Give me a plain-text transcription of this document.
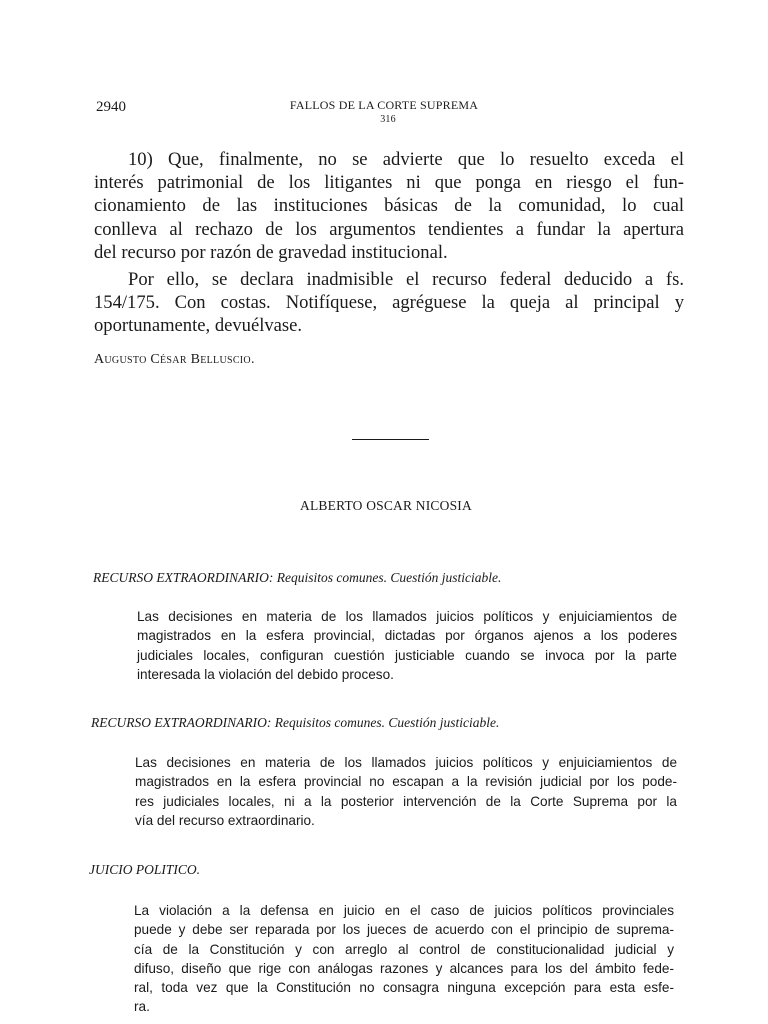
2940	FALLOS DE LA CORTE SUPREMA
316

10) Que, finalmente, no se advierte que lo resuelto exceda el
interés patrimonial de los litigantes ni que ponga en riesgo el fun-
cionamiento de las instituciones básicas de la comunidad, lo cual
conlleva al rechazo de los argumentos tendientes a fundar la apertura
del recurso por razón de gravedad institucional.

Por ello, se declara inadmisible el recurso federal deducido a fs.
154/175. Con costas. Notifíquese, agréguese la queja al principal y
oportunamente, devuélvase.

Augusto César Belluscio.
ALBERTO OSCAR NICOSIA
RECURSO EXTRAORDINARIO: Requisitos comunes. Cuestión justiciable.

Las decisiones en materia de los llamados juicios políticos y enjuiciamientos de
magistrados en la esfera provincial, dictadas por órganos ajenos a los poderes
judiciales locales, configuran cuestión justiciable cuando se invoca por la parte
interesada la violación del debido proceso.

RECURSO EXTRAORDINARIO: Requisitos comunes. Cuestión justiciable.

Las decisiones en materia de los llamados juicios políticos y enjuiciamientos de
magistrados en la esfera provincial no escapan a la revisión judicial por los pode-
res judiciales locales, ni a la posterior intervención de la Corte Suprema por la
vía del recurso extraordinario.

JUICIO POLITICO.

La violación a la defensa en juicio en el caso de juicios políticos provinciales
puede y debe ser reparada por los jueces de acuerdo con el principio de suprema-
cía de la Constitución y con arreglo al control de constitucionalidad judicial y
difuso, diseño que rige con análogas razones y alcances para los del ámbito fede-
ral, toda vez que la Constitución no consagra ninguna excepción para esta esfe-
ra.
